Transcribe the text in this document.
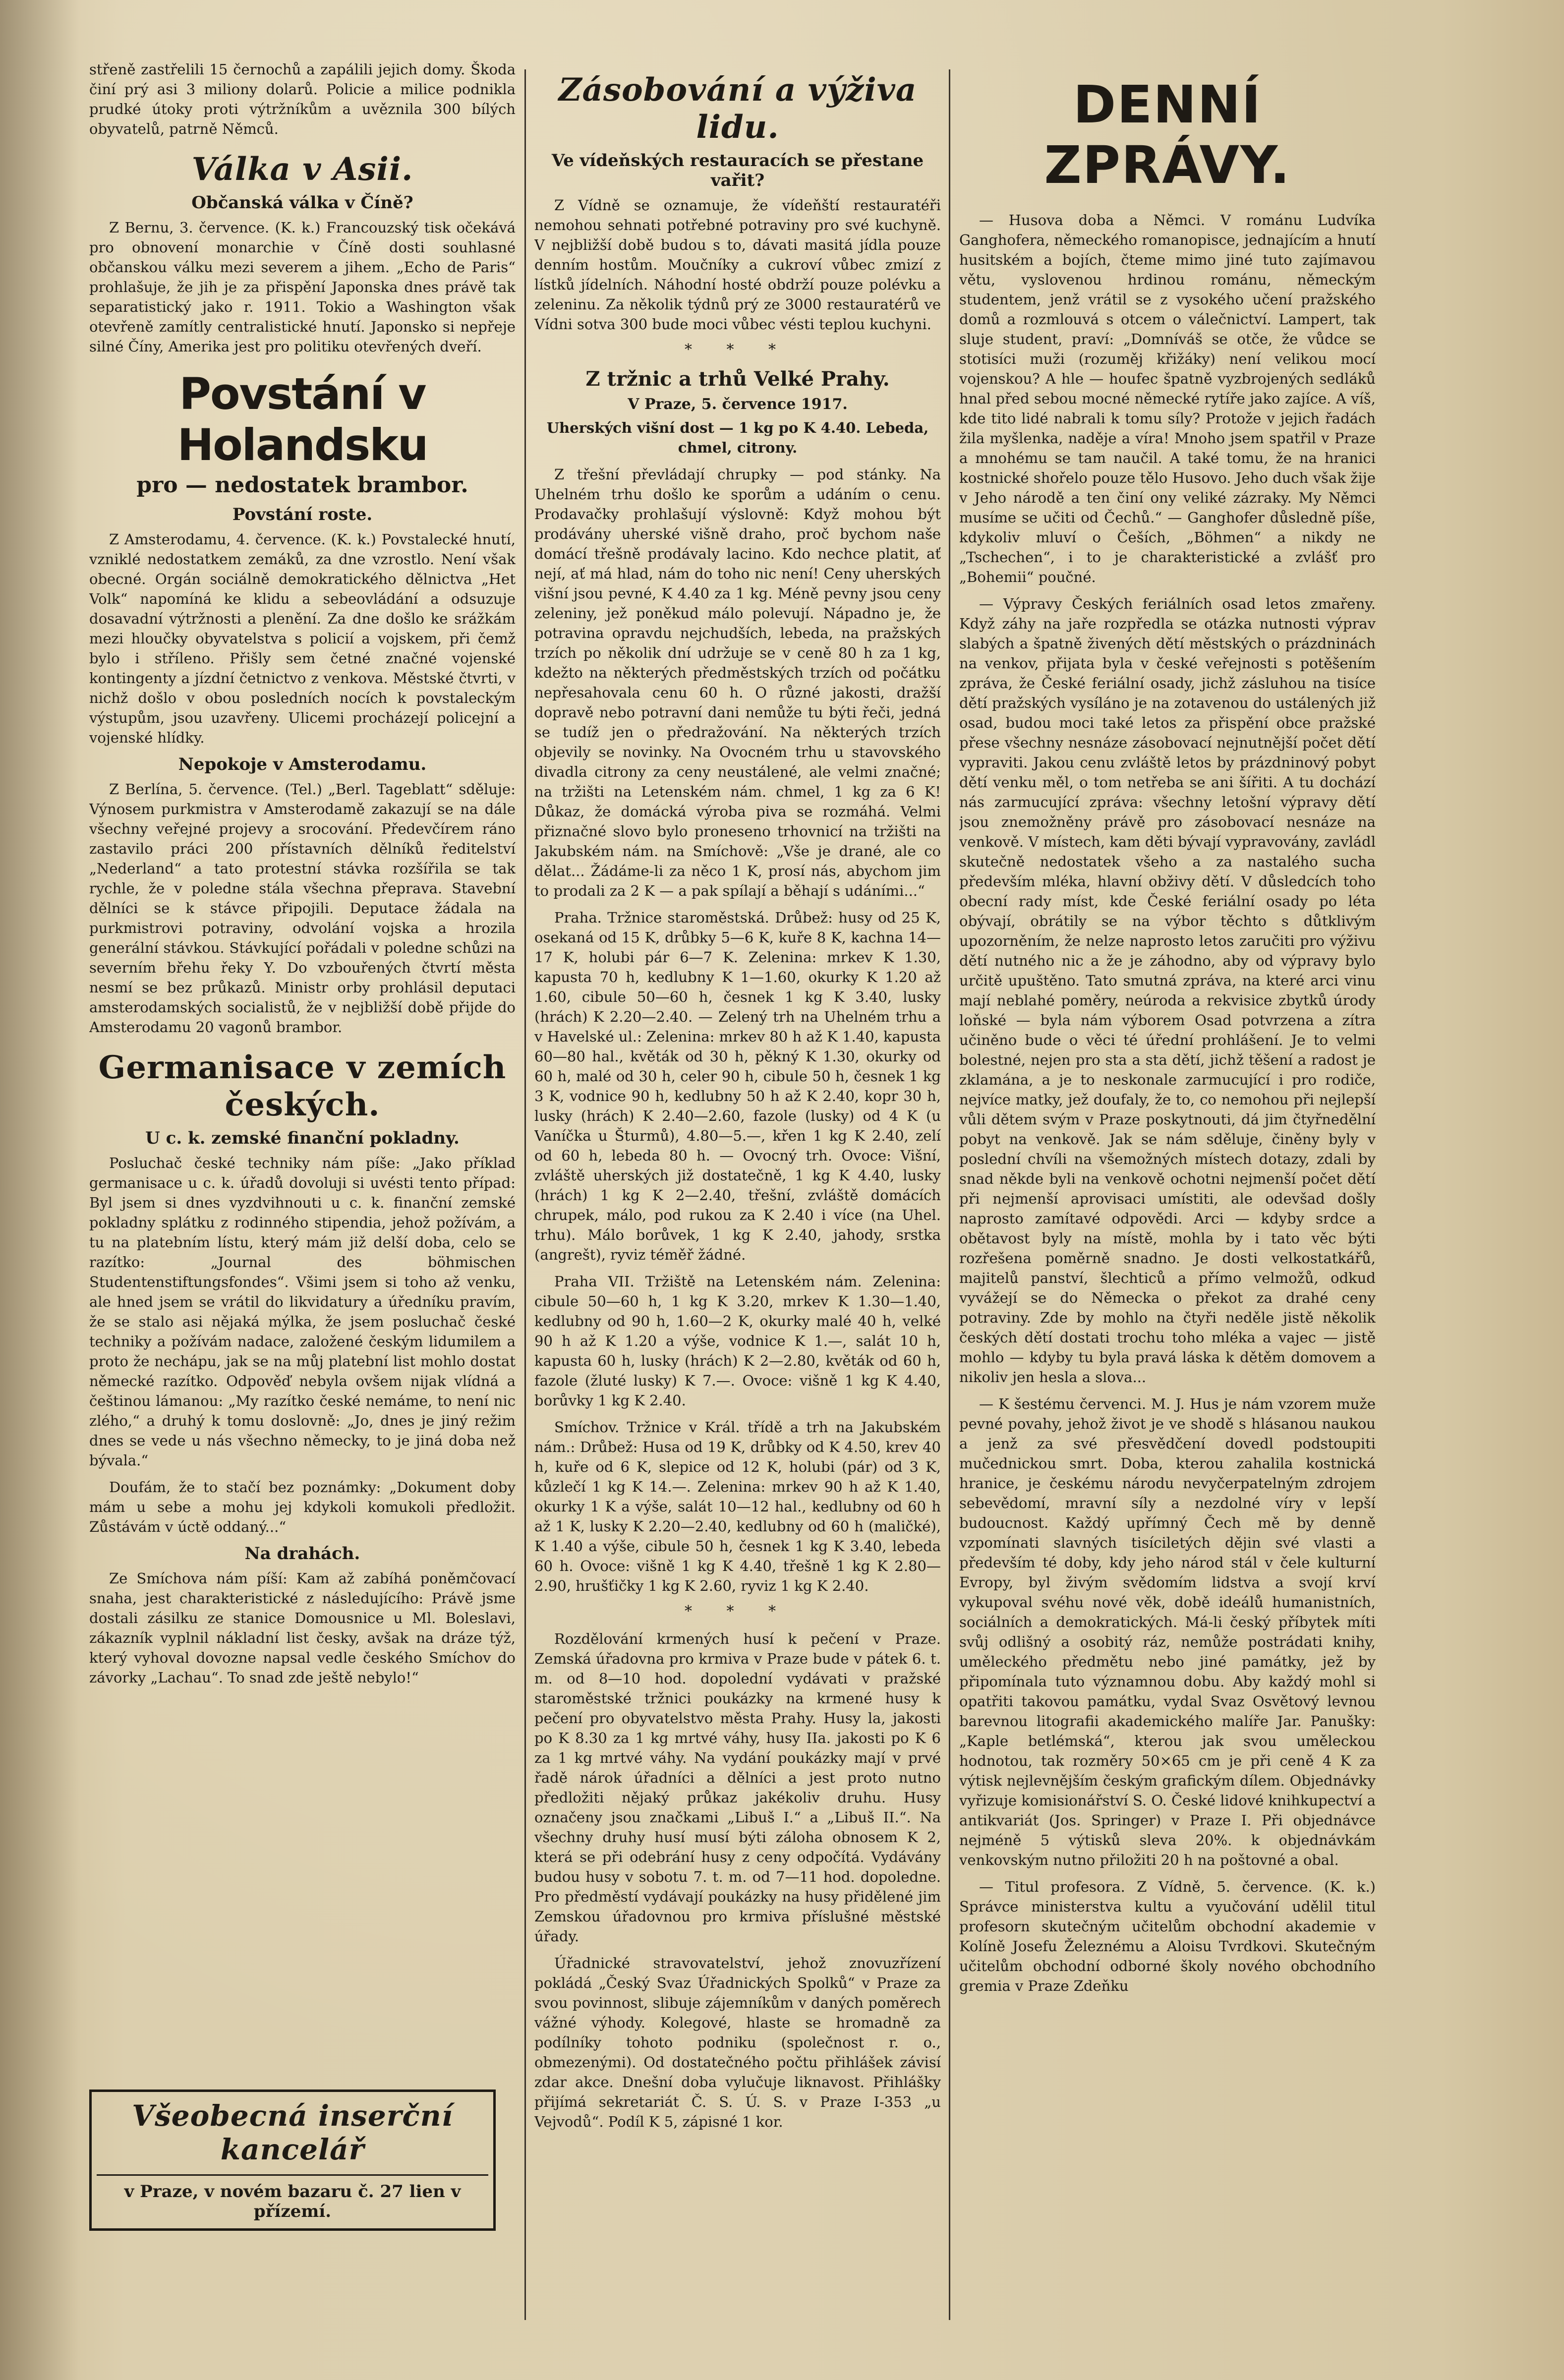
střeně zastřelili 15 černochů a zapálili jejich domy. Škoda činí prý asi 3 miliony dolarů. Policie a milice podnikla prudké útoky proti výtržníkům a uvěznila 300 bílých obyvatelů, patrně Němců.

Válka v Asii.
Občanská válka v Číně?

Z Bernu, 3. července. (K. k.) Francouzský tisk očekává pro obnovení monarchie v Číně dosti souhlasné občanskou válku mezi severem a jihem. „Echo de Paris“ prohlašuje, že jih je za přispění Japonska dnes právě tak separatistický jako r. 1911. Tokio a Washington však otevřeně zamítly centralistické hnutí. Japonsko si nepřeje silné Číny, Amerika jest pro politiku otevřených dveří.

Povstání v Holandsku
pro — nedostatek brambor.
Povstání roste.

Z Amsterodamu, 4. července. (K. k.) Povstalecké hnutí, vzniklé nedostatkem zemáků, za dne vzrostlo. Není však obecné. Orgán sociálně demokratického dělnictva „Het Volk“ napomíná ke klidu a sebeovládání a odsuzuje dosavadní výtržnosti a plenění. Za dne došlo ke srážkám mezi hloučky obyvatelstva s policií a vojskem, při čemž bylo i stříleno. Přišly sem četné značné vojenské kontingenty a jízdní četnictvo z venkova. Městské čtvrti, v nichž došlo v obou posledních nocích k povstaleckým výstupům, jsou uzavřeny. Ulicemi procházejí policejní a vojenské hlídky.

Nepokoje v Amsterodamu.

Z Berlína, 5. července. (Tel.) „Berl. Tageblatt“ sděluje: Výnosem purkmistra v Amsterodamě zakazují se na dále všechny veřejné projevy a srocování. Předevčírem ráno zastavilo práci 200 přístavních dělníků ředitelství „Nederland“ a tato protestní stávka rozšířila se tak rychle, že v poledne stála všechna přeprava. Stavební dělníci se k stávce připojili. Deputace žádala na purkmistrovi potraviny, odvolání vojska a hrozila generální stávkou. Stávkující pořádali v poledne schůzi na severním břehu řeky Y. Do vzbouřených čtvrtí města nesmí se bez průkazů. Ministr orby prohlásil deputaci amsterodamských socialistů, že v nejbližší době přijde do Amsterodamu 20 vagonů brambor.

Germanisace v zemích českých.
U c. k. zemské finanční pokladny.

Posluchač české techniky nám píše: „Jako příklad germanisace u c. k. úřadů dovoluji si uvésti tento případ: Byl jsem si dnes vyzdvihnouti u c. k. finanční zemské pokladny splátku z rodinného stipendia, jehož požívám, a tu na platebním lístu, který mám již delší doba, celo se razítko: „Journal des böhmischen Studentenstiftungsfondes“. Všimi jsem si toho až venku, ale hned jsem se vrátil do likvidatury a úředníku pravím, že se stalo asi nějaká mýlka, že jsem posluchač české techniky a požívám nadace, založené českým lidumilem a proto že nechápu, jak se na můj platební list mohlo dostat německé razítko. Odpověď nebyla ovšem nijak vlídná a češtinou lámanou: „My razítko české nemáme, to není nic zlého,“ a druhý k tomu doslovně: „Jo, dnes je jiný režim dnes se vede u nás všechno německy, to je jiná doba než bývala.“

Doufám, že to stačí bez poznámky: „Dokument doby mám u sebe a mohu jej kdykoli komukoli předložit. Zůstávám v úctě oddaný...“

Na drahách.

Ze Smíchova nám píší: Kam až zabíhá poněmčovací snaha, jest charakteristické z následujícího: Právě jsme dostali zásilku ze stanice Domousnice u Ml. Boleslavi, zákazník vyplnil nákladní list česky, avšak na dráze týž, který vyhoval dovozne napsal vedle českého Smíchov do závorky „Lachau“. To snad zde ještě nebylo!“

Všeobecná inserční kancelář
v Praze, v novém bazaru č. 27 lien v přízemí.
Zásobování a výživa lidu.
Ve vídeňských restauracích se přestane vařit?

Z Vídně se oznamuje, že vídeňští restauratéři nemohou sehnati potřebné potraviny pro své kuchyně. V nejbližší době budou s to, dávati masitá jídla pouze denním hostům. Moučníky a cukroví vůbec zmizí z lístků jídelních. Náhodní hosté obdrží pouze polévku a zeleninu. Za několik týdnů prý ze 3000 restauratérů ve Vídni sotva 300 bude moci vůbec vésti teplou kuchyni.

* * *
Z tržnic a trhů Velké Prahy.
V Praze, 5. července 1917.

Uherských višní dost — 1 kg po K 4.40. Lebeda, chmel, citrony.

Z třešní převládají chrupky — pod stánky. Na Uhelném trhu došlo ke sporům a udáním o cenu. Prodavačky prohlašují výslovně: Když mohou být prodávány uherské višně draho, proč bychom naše domácí třešně prodávaly lacino. Kdo nechce platit, ať nejí, ať má hlad, nám do toho nic není! Ceny uherských višní jsou pevné, K 4.40 za 1 kg. Méně pevny jsou ceny zeleniny, jež poněkud málo polevují. Nápadno je, že potravina opravdu nejchudších, lebeda, na pražských trzích po několik dní udržuje se v ceně 80 h za 1 kg, kdežto na některých předměstských trzích od počátku nepřesahovala cenu 60 h. O různé jakosti, dražší dopravě nebo potravní dani nemůže tu býti řeči, jedná se tudíž jen o předražování. Na některých trzích objevily se novinky. Na Ovocném trhu u stavovského divadla citrony za ceny neustálené, ale velmi značné; na tržišti na Letenském nám. chmel, 1 kg za 6 K! Důkaz, že domácká výroba piva se rozmáhá. Velmi přiznačné slovo bylo proneseno trhovnicí na tržišti na Jakubském nám. na Smíchově: „Vše je drané, ale co dělat... Žádáme-li za něco 1 K, prosí nás, abychom jim to prodali za 2 K — a pak spílají a běhají s udáními...“

Praha. Tržnice staroměstská. Drůbež: husy od 25 K, osekaná od 15 K, drůbky 5—6 K, kuře 8 K, kachna 14—17 K, holubi pár 6—7 K. Zelenina: mrkev K 1.30, kapusta 70 h, kedlubny K 1—1.60, okurky K 1.20 až 1.60, cibule 50—60 h, česnek 1 kg K 3.40, lusky (hrách) K 2.20—2.40. — Zelený trh na Uhelném trhu a v Havelské ul.: Zelenina: mrkev 80 h až K 1.40, kapusta 60—80 hal., květák od 30 h, pěkný K 1.30, okurky od 60 h, malé od 30 h, celer 90 h, cibule 50 h, česnek 1 kg 3 K, vodnice 90 h, kedlubny 50 h až K 2.40, kopr 30 h, lusky (hrách) K 2.40—2.60, fazole (lusky) od 4 K (u Vaníčka u Šturmů), 4.80—5.—, křen 1 kg K 2.40, zelí od 60 h, lebeda 80 h. — Ovocný trh. Ovoce: Višní, zvláště uherských již dostatečně, 1 kg K 4.40, lusky (hrách) 1 kg K 2—2.40, třešní, zvláště domácích chrupek, málo, pod rukou za K 2.40 i více (na Uhel. trhu). Málo borůvek, 1 kg K 2.40, jahody, srstka (angrešt), ryviz téměř žádné.

Praha VII. Tržiště na Letenském nám. Zelenina: cibule 50—60 h, 1 kg K 3.20, mrkev K 1.30—1.40, kedlubny od 90 h, 1.60—2 K, okurky malé 40 h, velké 90 h až K 1.20 a výše, vodnice K 1.—, salát 10 h, kapusta 60 h, lusky (hrách) K 2—2.80, květák od 60 h, fazole (žluté lusky) K 7.—. Ovoce: višně 1 kg K 4.40, borůvky 1 kg K 2.40.

Smíchov. Tržnice v Král. třídě a trh na Jakubském nám.: Drůbež: Husa od 19 K, drůbky od K 4.50, krev 40 h, kuře od 6 K, slepice od 12 K, holubi (pár) od 3 K, kůzlečí 1 kg K 14.—. Zelenina: mrkev 90 h až K 1.40, okurky 1 K a výše, salát 10—12 hal., kedlubny od 60 h až 1 K, lusky K 2.20—2.40, kedlubny od 60 h (maličké), K 1.40 a výše, cibule 50 h, česnek 1 kg K 3.40, lebeda 60 h. Ovoce: višně 1 kg K 4.40, třešně 1 kg K 2.80—2.90, hrušťičky 1 kg K 2.60, ryviz 1 kg K 2.40.

* * *

Rozdělování krmených husí k pečení v Praze. Zemská úřadovna pro krmiva v Praze bude v pátek 6. t. m. od 8—10 hod. dopolední vydávati v pražské staroměstské tržnici poukázky na krmené husy k pečení pro obyvatelstvo města Prahy. Husy la, jakosti po K 8.30 za 1 kg mrtvé váhy, husy IIa. jakosti po K 6 za 1 kg mrtvé váhy. Na vydání poukázky mají v prvé řadě nárok úřadníci a dělníci a jest proto nutno předložiti nějaký průkaz jakékoliv druhu. Husy označeny jsou značkami „Libuš I.“ a „Libuš II.“. Na všechny druhy husí musí býti záloha obnosem K 2, která se při odebrání husy z ceny odpočítá. Vydávány budou husy v sobotu 7. t. m. od 7—11 hod. dopoledne. Pro předměstí vydávají poukázky na husy přidělené jim Zemskou úřadovnou pro krmiva příslušné městské úřady.

Úřadnické stravovatelství, jehož znovuzřízení pokládá „Český Svaz Úřadnických Spolků“ v Praze za svou povinnost, slibuje zájemníkům v daných poměrech vážné výhody. Kolegové, hlaste se hromadně za podílníky tohoto podniku (společnost r. o., obmezenými). Od dostatečného počtu přihlášek závisí zdar akce. Dnešní doba vylučuje liknavost. Přihlášky přijímá sekretariát Č. S. Ú. S. v Praze I-353 „u Vejvodů“. Podíl K 5, zápisné 1 kor.

DENNÍ ZPRÁVY.

— Husova doba a Němci. V románu Ludvíka Ganghofera, německého romanopisce, jednajícím a hnutí husitském a bojích, čteme mimo jiné tuto zajímavou větu, vyslovenou hrdinou románu, německým studentem, jenž vrátil se z vysokého učení pražského domů a rozmlouvá s otcem o válečnictví. Lampert, tak sluje student, praví: „Domníváš se otče, že vůdce se stotisíci muži (rozuměj křižáky) není velikou mocí vojenskou? A hle — houfec špatně vyzbrojených sedláků hnal před sebou mocné německé rytíře jako zajíce. A víš, kde tito lidé nabrali k tomu síly? Protože v jejich řadách žila myšlenka, naděje a víra! Mnoho jsem spatřil v Praze a mnohému se tam naučil. A také tomu, že na hranici kostnické shořelo pouze tělo Husovo. Jeho duch však žije v Jeho národě a ten činí ony veliké zázraky. My Němci musíme se učiti od Čechů.“ — Ganghofer důsledně píše, kdykoliv mluví o Češích, „Böhmen“ a nikdy ne „Tschechen“, i to je charakteristické a zvlášť pro „Bohemii“ poučné.

— Výpravy Českých feriálních osad letos zmařeny. Když záhy na jaře rozpředla se otázka nutnosti výprav slabých a špatně živených dětí městských o prázdninách na venkov, přijata byla v české veřejnosti s potěšením zpráva, že České feriální osady, jichž zásluhou na tisíce dětí pražských vysíláno je na zotavenou do ustálených již osad, budou moci také letos za přispění obce pražské přese všechny nesnáze zásobovací nejnutnější počet dětí vypraviti. Jakou cenu zvláště letos by prázdninový pobyt dětí venku měl, o tom netřeba se ani šířiti. A tu dochází nás zarmucující zpráva: všechny letošní výpravy dětí jsou znemožněny právě pro zásobovací nesnáze na venkově. V místech, kam děti bývají vypravovány, zavládl skutečně nedostatek všeho a za nastalého sucha především mléka, hlavní obživy dětí. V důsledcích toho obecní rady míst, kde České feriální osady po léta obývají, obrátily se na výbor těchto s důtklivým upozorněním, že nelze naprosto letos zaručiti pro výživu dětí nutného nic a že je záhodno, aby od výpravy bylo určitě upuštěno. Tato smutná zpráva, na které arci vinu mají neblahé poměry, neúroda a rekvisice zbytků úrody loňské — byla nám výborem Osad potvrzena a zítra učiněno bude o věci té úřední prohlášení. Je to velmi bolestné, nejen pro sta a sta dětí, jichž těšení a radost je zklamána, a je to neskonale zarmucující i pro rodiče, nejvíce matky, jež doufaly, že to, co nemohou při nejlepší vůli dětem svým v Praze poskytnouti, dá jim čtyřnedělní pobyt na venkově. Jak se nám sděluje, činěny byly v poslední chvíli na všemožných místech dotazy, zdali by snad někde byli na venkově ochotni nejmenší počet dětí při nejmenší aprovisaci umístiti, ale odevšad došly naprosto zamítavé odpovědi. Arci — kdyby srdce a obětavost byly na místě, mohla by i tato věc býti rozřešena poměrně snadno. Je dosti velkostatkářů, majitelů panství, šlechticů a přímo velmožů, odkud vyvážejí se do Německa o překot za drahé ceny potraviny. Zde by mohlo na čtyři neděle jistě několik českých dětí dostati trochu toho mléka a vajec — jistě mohlo — kdyby tu byla pravá láska k dětěm domovem a nikoliv jen hesla a slova...

— K šestému červenci. M. J. Hus je nám vzorem muže pevné povahy, jehož život je ve shodě s hlásanou naukou a jenž za své přesvědčení dovedl podstoupiti mučednickou smrt. Doba, kterou zahalila kostnická hranice, je českému národu nevyčerpatelným zdrojem sebevědomí, mravní síly a nezdolné víry v lepší budoucnost. Každý upřímný Čech mě by denně vzpomínati slavných tisíciletých dějin své vlasti a především té doby, kdy jeho národ stál v čele kulturní Evropy, byl živým svědomím lidstva a svojí krví vykupoval svéhu nové věk, době ideálů humanistních, sociálních a demokratických. Má-li český příbytek míti svůj odlišný a osobitý ráz, nemůže postrádati knihy, uměleckého předmětu nebo jiné památky, jež by připomínala tuto významnou dobu. Aby každý mohl si opatřiti takovou památku, vydal Svaz Osvětový levnou barevnou litografii akademického malíře Jar. Panušky: „Kaple betlémská“, kterou jak svou uměleckou hodnotou, tak rozměry 50×65 cm je při ceně 4 K za výtisk nejlevnějším českým grafickým dílem. Objednávky vyřizuje komisionářství S. O. České lidové knihkupectví a antikvariát (Jos. Springer) v Praze I. Při objednávce nejméně 5 výtisků sleva 20%. k objednávkám venkovským nutno přiložiti 20 h na poštovné a obal.

— Titul profesora. Z Vídně, 5. července. (K. k.) Správce ministerstva kultu a vyučování udělil titul profesorn skutečným učitelům obchodní akademie v Kolíně Josefu Železnému a Aloisu Tvrdkovi. Skutečným učitelům obchodní odborné školy nového obchodního gremia v Praze Zdeňku
